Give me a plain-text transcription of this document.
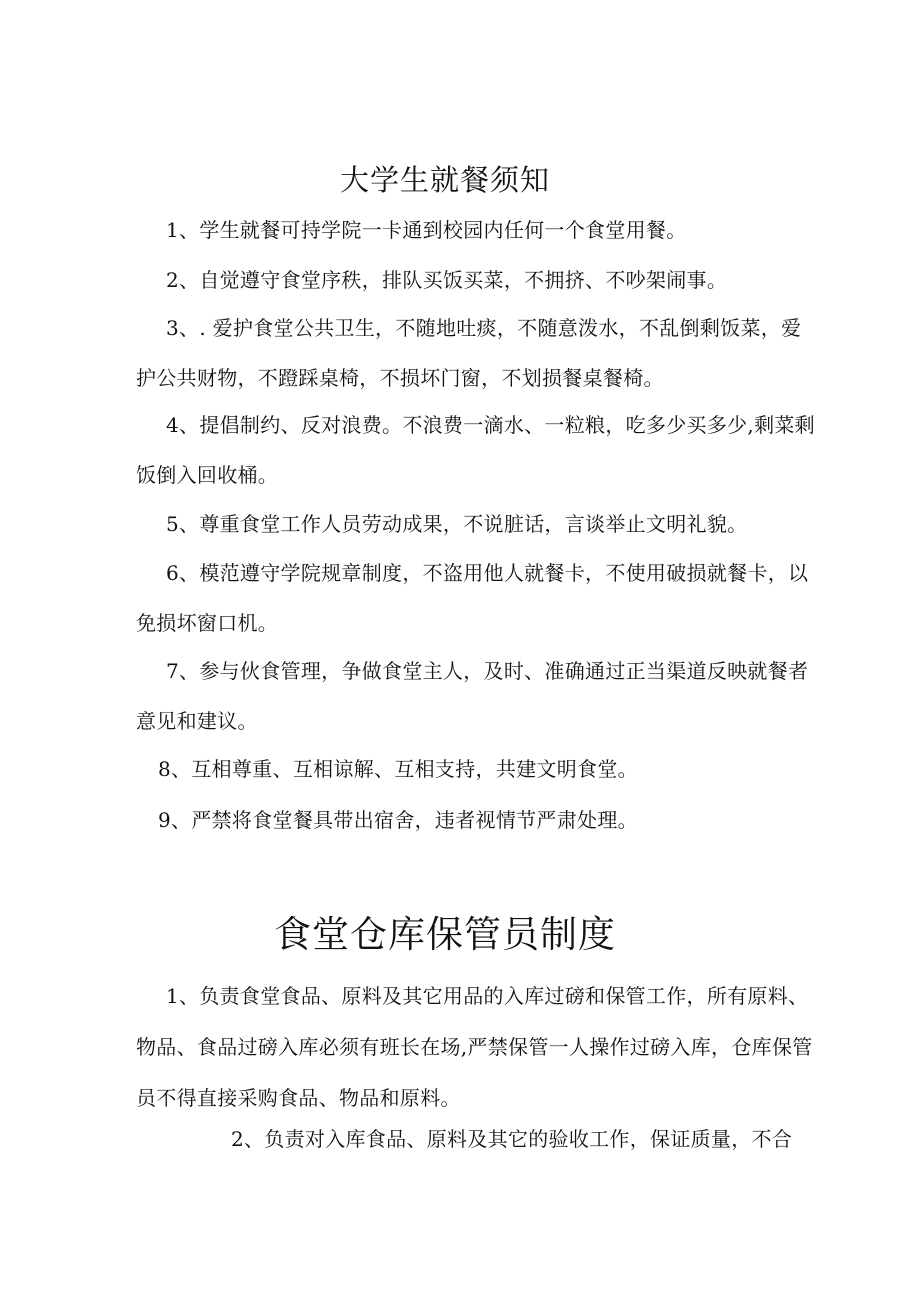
大学生就餐须知
1、学生就餐可持学院一卡通到校园内任何一个食堂用餐。
2、自觉遵守食堂序秩，排队买饭买菜，不拥挤、不吵架闹事。
3、. 爱护食堂公共卫生，不随地吐痰，不随意泼水，不乱倒剩饭菜，爱护公共财物，不蹬踩桌椅，不损坏门窗，不划损餐桌餐椅。
4、提倡制约、反对浪费。不浪费一滴水、一粒粮，吃多少买多少,剩菜剩饭倒入回收桶。
5、尊重食堂工作人员劳动成果，不说脏话，言谈举止文明礼貌。
6、模范遵守学院规章制度，不盗用他人就餐卡，不使用破损就餐卡，以免损坏窗口机。
7、参与伙食管理，争做食堂主人，及时、准确通过正当渠道反映就餐者意见和建议。
8、互相尊重、互相谅解、互相支持，共建文明食堂。
9、严禁将食堂餐具带出宿舍，违者视情节严肃处理。
食堂仓库保管员制度
1、负责食堂食品、原料及其它用品的入库过磅和保管工作，所有原料、物品、食品过磅入库必须有班长在场,严禁保管一人操作过磅入库，仓库保管员不得直接采购食品、物品和原料。
2、负责对入库食品、原料及其它的验收工作，保证质量，不合
